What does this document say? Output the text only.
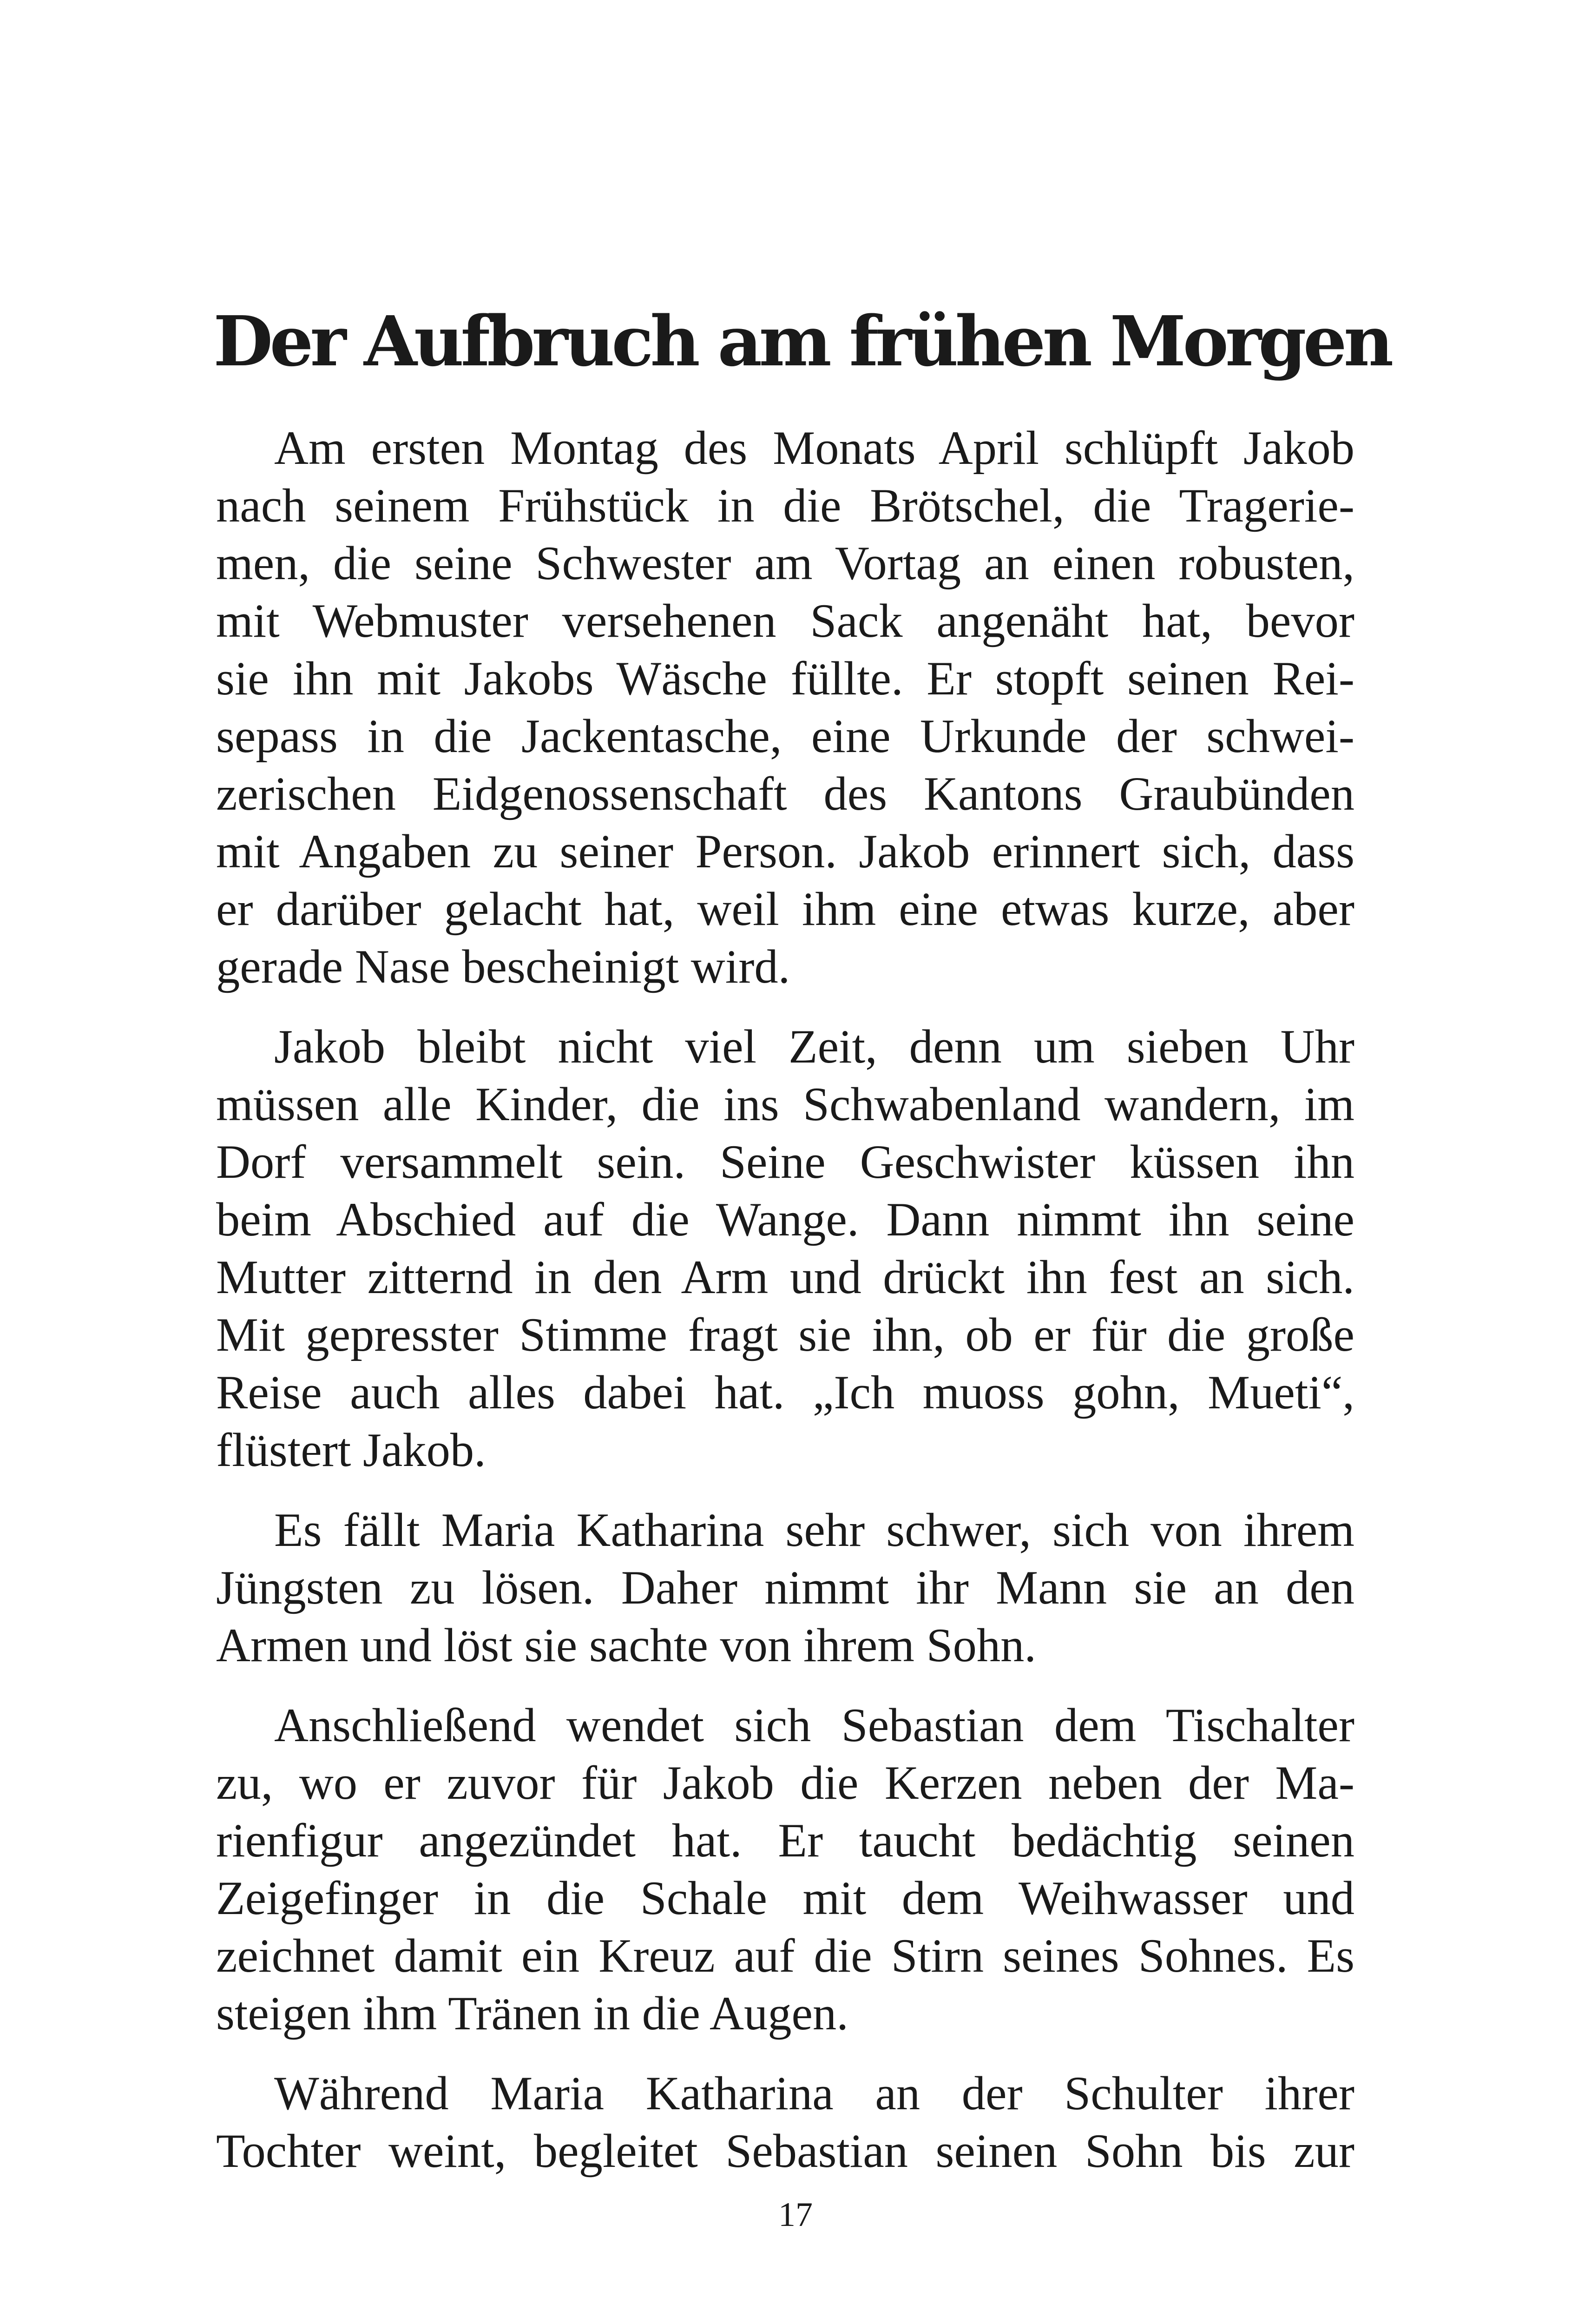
Der Aufbruch am frühen Morgen

Am ersten Montag des Monats April schlüpft Jakob
nach seinem Frühstück in die Brötschel, die Tragerie-
men, die seine Schwester am Vortag an einen robusten,
mit Webmuster versehenen Sack angenäht hat, bevor
sie ihn mit Jakobs Wäsche füllte. Er stopft seinen Rei-
sepass in die Jackentasche, eine Urkunde der schwei-
zerischen Eidgenossenschaft des Kantons Graubünden
mit Angaben zu seiner Person. Jakob erinnert sich, dass
er darüber gelacht hat, weil ihm eine etwas kurze, aber
gerade Nase bescheinigt wird.

Jakob bleibt nicht viel Zeit, denn um sieben Uhr
müssen alle Kinder, die ins Schwabenland wandern, im
Dorf versammelt sein. Seine Geschwister küssen ihn
beim Abschied auf die Wange. Dann nimmt ihn seine
Mutter zitternd in den Arm und drückt ihn fest an sich.
Mit gepresster Stimme fragt sie ihn, ob er für die große
Reise auch alles dabei hat. „Ich muoss gohn, Mueti“,
flüstert Jakob.

Es fällt Maria Katharina sehr schwer, sich von ihrem
Jüngsten zu lösen. Daher nimmt ihr Mann sie an den
Armen und löst sie sachte von ihrem Sohn.

Anschließend wendet sich Sebastian dem Tischalter
zu, wo er zuvor für Jakob die Kerzen neben der Ma-
rienfigur angezündet hat. Er taucht bedächtig seinen
Zeigefinger in die Schale mit dem Weihwasser und
zeichnet damit ein Kreuz auf die Stirn seines Sohnes. Es
steigen ihm Tränen in die Augen.

Während Maria Katharina an der Schulter ihrer
Tochter weint, begleitet Sebastian seinen Sohn bis zur

17
